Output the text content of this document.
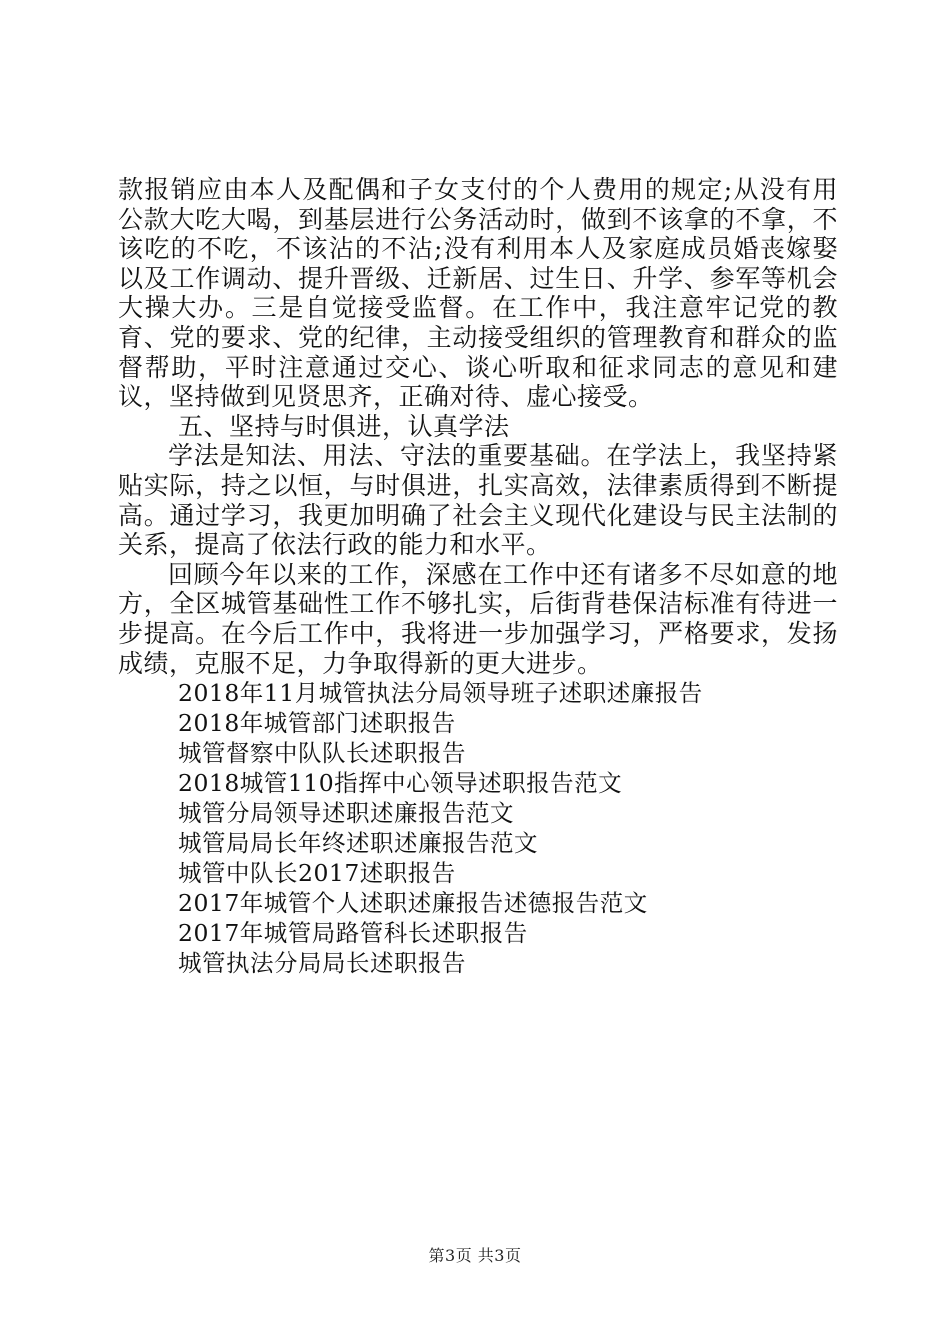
款报销应由本人及配偶和子女支付的个人费用的规定;从没有用公款大吃大喝，到基层进行公务活动时，做到不该拿的不拿，不该吃的不吃，不该沾的不沾;没有利用本人及家庭成员婚丧嫁娶以及工作调动、提升晋级、迁新居、过生日、升学、参军等机会大操大办。三是自觉接受监督。在工作中，我注意牢记党的教育、党的要求、党的纪律，主动接受组织的管理教育和群众的监督帮助，平时注意通过交心、谈心听取和征求同志的意见和建议，坚持做到见贤思齐，正确对待、虚心接受。

五、坚持与时俱进，认真学法

学法是知法、用法、守法的重要基础。在学法上，我坚持紧贴实际，持之以恒，与时俱进，扎实高效，法律素质得到不断提高。通过学习，我更加明确了社会主义现代化建设与民主法制的关系，提高了依法行政的能力和水平。

回顾今年以来的工作，深感在工作中还有诸多不尽如意的地方，全区城管基础性工作不够扎实，后街背巷保洁标准有待进一步提高。在今后工作中，我将进一步加强学习，严格要求，发扬成绩，克服不足，力争取得新的更大进步。

2018年11月城管执法分局领导班子述职述廉报告
2018年城管部门述职报告
城管督察中队队长述职报告
2018城管110指挥中心领导述职报告范文
城管分局领导述职述廉报告范文
城管局局长年终述职述廉报告范文
城管中队长2017述职报告
2017年城管个人述职述廉报告述德报告范文
2017年城管局路管科长述职报告
城管执法分局局长述职报告
第3页 共3页
